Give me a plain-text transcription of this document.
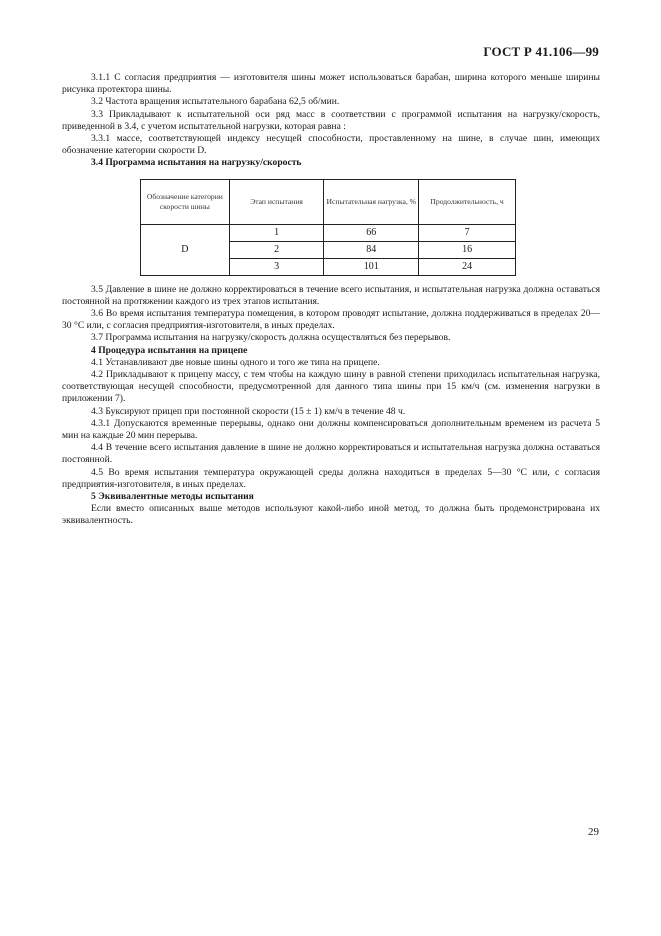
ГОСТ Р 41.106—99

3.1.1 С согласия предприятия — изготовителя шины может использоваться барабан, ширина которого меньше ширины рисунка протектора шины.

3.2 Частота вращения испытательного барабана 62,5 об/мин.

3.3 Прикладывают к испытательной оси ряд масс в соответствии с программой испытания на нагрузку/скорость, приведенной в 3.4, с учетом испытательной нагрузки, которая равна :

3.3.1 массе, соответствующей индексу несущей способности, проставленному на шине, в случае шин, имеющих обозначение категории скорости D.

3.4 Программа испытания на нагрузку/скорость

Обозначение категории скорости шины	Этап испытания	Испытательная нагрузка, %	Продолжительность, ч
D	1	66	7
	2	84	16
	3	101	24

3.5 Давление в шине не должно корректироваться в течение всего испытания, и испытательная нагрузка должна оставаться постоянной на протяжении каждого из трех этапов испытания.

3.6 Во время испытания температура помещения, в котором проводят испытание, должна поддерживаться в пределах 20—30 °С или, с согласия предприятия-изготовителя, в иных пределах.

3.7 Программа испытания на нагрузку/скорость должна осуществляться без перерывов.

4 Процедура испытания на прицепе

4.1 Устанавливают две новые шины одного и того же типа на прицепе.

4.2 Прикладывают к прицепу массу, с тем чтобы на каждую шину в равной степени приходилась испытательная нагрузка, соответствующая несущей способности, предусмотренной для данного типа шины при 15 км/ч (см. изменения нагрузки в приложении 7).

4.3 Буксируют прицеп при постоянной скорости (15 ± 1) км/ч в течение 48 ч.

4.3.1 Допускаются временные перерывы, однако они должны компенсироваться дополнительным временем из расчета 5 мин на каждые 20 мин перерыва.

4.4 В течение всего испытания давление в шине не должно корректироваться и испытательная нагрузка должна оставаться постоянной.

4.5 Во время испытания температура окружающей среды должна находиться в пределах 5—30 °С или, с согласия предприятия-изготовителя, в иных пределах.

5 Эквивалентные методы испытания

Если вместо описанных выше методов используют какой-либо иной метод, то должна быть продемонстрирована их эквивалентность.

29
